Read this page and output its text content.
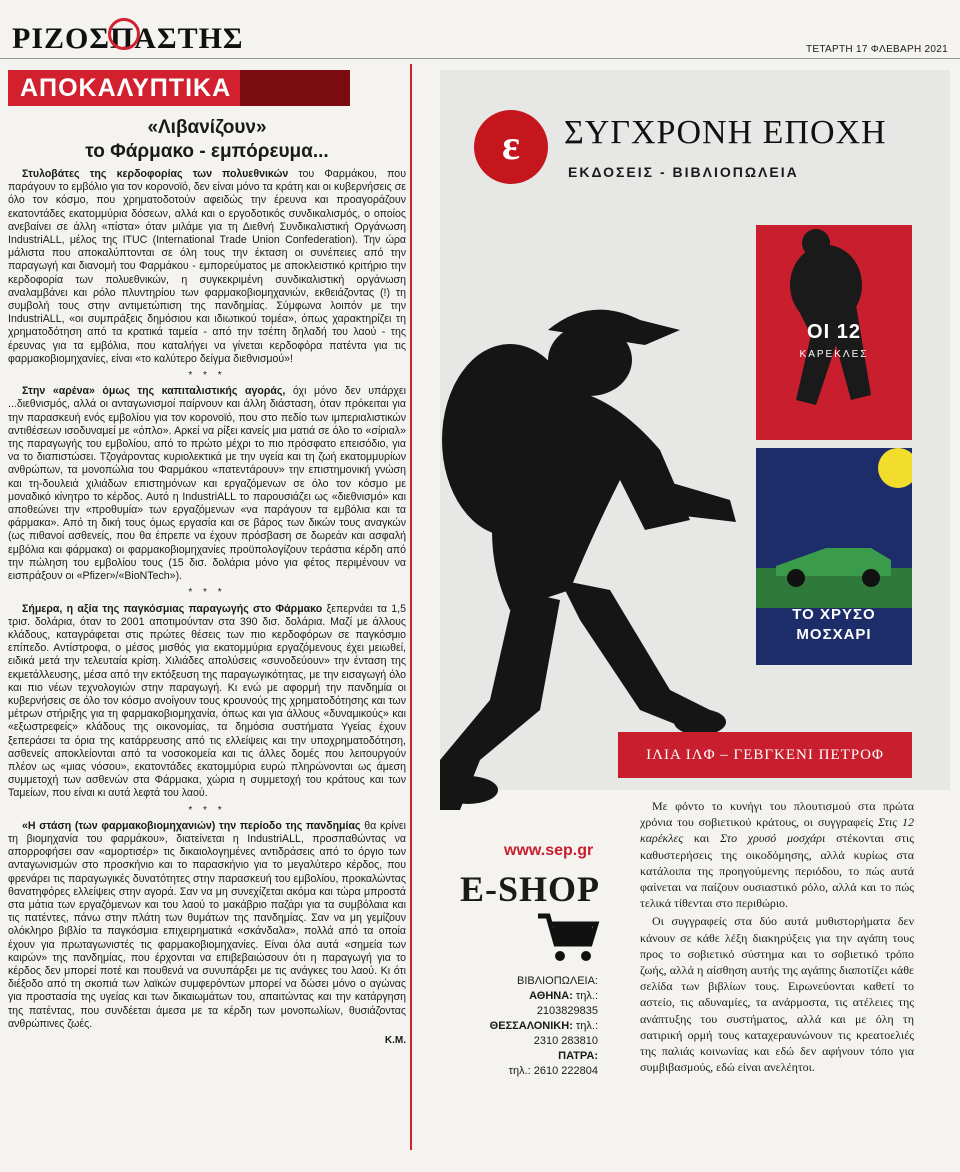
ΡΙΖΟΣΠΑΣΤΗΣ	ΤΕΤΑΡΤΗ 17 ΦΛΕΒΑΡΗ 2021
ΑΠΟΚΑΛΥΠΤΙΚΑ
«Λιβανίζουν»
το Φάρμακο - εμπόρευμα...

Στυλοβάτες της κερδοφορίας των πολυεθνικών του Φαρμάκου, που παράγουν το εμβόλιο για τον κορονοϊό, δεν είναι μόνο τα κράτη και οι κυβερνήσεις σε όλο τον κόσμο, που χρηματοδοτούν αφειδώς την έρευνα και προαγοράζουν εκατοντάδες εκατομμύρια δόσεων, αλλά και ο εργοδοτικός συνδικαλισμός, ο οποίος ανεβαίνει σε άλλη «πίστα» όταν μιλάμε για τη Διεθνή Συνδικαλιστική Οργάνωση IndustriALL, μέλος της ITUC (International Trade Union Confederation). Την ώρα μάλιστα που αποκαλύπτονται σε όλη τους την έκταση οι συνέπειες από την παραγωγή και διανομή του Φαρμάκου - εμπορεύματος με αποκλειστικό κριτήριο την κερδοφορία των πολυεθνικών, η συγκεκριμένη συνδικαλιστική οργάνωση αναλαμβάνει και ρόλο πλυντηρίου των φαρμακοβιομηχανιών, εκθειάζοντας (!) τη συμβολή τους στην αντιμετώπιση της πανδημίας. Σύμφωνα λοιπόν με την IndustriALL, «οι συμπράξεις δημόσιου και ιδιωτικού τομέα», όπως χαρακτηρίζει τη χρηματοδότηση από τα κρατικά ταμεία - από την τσέπη δηλαδή του λαού - της έρευνας για τα εμβόλια, που καταλήγει να γίνεται κερδοφόρα πατέντα για τις φαρμακοβιομηχανίες, είναι «το καλύτερο δείγμα διεθνισμού»!

* * *

Στην «αρένα» όμως της καπιταλιστικής αγοράς, όχι μόνο δεν υπάρχει ...διεθνισμός, αλλά οι ανταγωνισμοί παίρνουν και άλλη διάσταση, όταν πρόκειται για την παρασκευή ενός εμβολίου για τον κορονοϊό, που στο πεδίο των ιμπεριαλιστικών αντιθέσεων ισοδυναμεί με «όπλο». Αρκεί να ρίξει κανείς μια ματιά σε όλο το «σίριαλ» της παραγωγής του εμβολίου, από το πρώτο μέχρι το πιο πρόσφατο επεισόδιο, για να το διαπιστώσει. Τζογάροντας κυριολεκτικά με την υγεία και τη ζωή εκατομμυρίων ανθρώπων, τα μονοπώλια του Φαρμάκου «πατεντάρουν» την επιστημονική γνώση και τη-δουλειά χιλιάδων επιστημόνων και εργαζόμενων σε όλο τον κόσμο με μοναδικό κίνητρο το κέρδος. Αυτό η IndustriALL το παρουσιάζει ως «διεθνισμό» και αποθεώνει την «προθυμία» των εργαζόμενων «να παράγουν τα εμβόλια και τα φάρμακα». Από τη δική τους όμως εργασία και σε βάρος των δικών τους αναγκών (ως πιθανοί ασθενείς, που θα έπρεπε να έχουν πρόσβαση σε δωρεάν και ασφαλή εμβόλια και φάρμακα) οι φαρμακοβιομηχανίες προϋπολογίζουν τεράστια κέρδη από την πώληση του εμβολίου τους (15 δισ. δολάρια μόνο για φέτος περιμένουν να εισπράξουν οι «Pfizer»/«BioNTech»).

* * *

Σήμερα, η αξία της παγκόσμιας παραγωγής στο Φάρμακο ξεπερνάει τα 1,5 τρισ. δολάρια, όταν το 2001 αποτιμούνταν στα 390 δισ. δολάρια. Μαζί με άλλους κλάδους, καταγράφεται στις πρώτες θέσεις των πιο κερδοφόρων σε παγκόσμιο επίπεδο. Αντίστροφα, ο μέσος μισθός για εκατομμύρια εργαζόμενους έχει μειωθεί, ειδικά μετά την τελευταία κρίση. Χιλιάδες απολύσεις «συνοδεύουν» την ένταση της εκμετάλλευσης, μέσα από την εκτόξευση της παραγωγικότητας, με την εισαγωγή όλο και πιο νέων τεχνολογιών στην παραγωγή. Κι ενώ με αφορμή την πανδημία οι κυβερνήσεις σε όλο τον κόσμο ανοίγουν τους κρουνούς της χρηματοδότησης και των μέτρων στήριξης για τη φαρμακοβιομηχανία, όπως και για άλλους «δυναμικούς» και «εξωστρεφείς» κλάδους της οικονομίας, τα δημόσια συστήματα Υγείας έχουν ξεπεράσει τα όρια της κατάρρευσης από τις ελλείψεις και την υποχρηματοδότηση, ασθενείς αποκλείονται από τα νοσοκομεία και τις άλλες δομές που λειτουργούν πλέον ως «μιας νόσου», εκατοντάδες εκατομμύρια ευρώ πληρώνονται ως άμεση συμμετοχή των ασθενών στα Φάρμακα, χώρια η συμμετοχή του κράτους και των Ταμείων, που είναι κι αυτά λεφτά του λαού.

* * *

«Η στάση (των φαρμακοβιομηχανιών) την περίοδο της πανδημίας θα κρίνει τη βιομηχανία του φαρμάκου», διατείνεται η IndustriALL, προσπαθώντας να απορροφήσει σαν «αμορτισέρ» τις δικαιολογημένες αντιδράσεις από το όργιο των ανταγωνισμών στο προσκήνιο και το παρασκήνιο για το μεγαλύτερο κέρδος, που φρενάρει τις παραγωγικές δυνατότητες στην παρασκευή του εμβολίου, προκαλώντας θανατηφόρες ελλείψεις στην αγορά. Σαν να μη συνεχίζεται ακόμα και τώρα μπροστά στα μάτια των εργαζόμενων και του λαού το μακάβριο παζάρι για τα συμβόλαια και τις πατέντες, πάνω στην πλάτη των θυμάτων της πανδημίας. Σαν να μη γεμίζουν ολόκληρο βιβλίο τα παγκόσμια επιχειρηματικά «σκάνδαλα», πολλά από τα οποία έχουν για πρωταγωνιστές τις φαρμακοβιομηχανίες. Είναι όλα αυτά «σημεία των καιρών» της πανδημίας, που έρχονται να επιβεβαιώσουν ότι η παραγωγή για το κέρδος δεν μπορεί ποτέ και πουθενά να συνυπάρξει με τις ανάγκες του λαού. Κι ότι διέξοδο από τη σκοπιά των λαϊκών συμφερόντων μπορεί να δώσει μόνο ο αγώνας για προστασία της υγείας και των δικαιωμάτων του, απαιτώντας και την κατάργηση της πατέντας, που συνδέεται άμεσα με τα κέρδη των μονοπωλίων, θυσιάζοντας ανθρώπινες ζωές.

Κ.Μ.
ε	ΣΥΓΧΡΟΝΗ ΕΠΟΧΗ
ΕΚΔΟΣΕΙΣ - ΒΙΒΛΙΟΠΩΛΕΙΑ
ΟΙ 12
ΚΑΡΕΚΛΕΣ
ΤΟ ΧΡΥΣΟ
ΜΟΣΧΑΡΙ
ΙΛΙΑ ΙΛΦ – ΓΕΒΓΚΕΝΙ ΠΕΤΡΟΦ
www.sep.gr
E-SHOP
ΒΙΒΛΙΟΠΩΛΕΙΑ:
ΑΘΗΝΑ: τηλ.:
2103829835
ΘΕΣΣΑΛΟΝΙΚΗ: τηλ.:
2310 283810
ΠΑΤΡΑ:
τηλ.: 2610 222804

Με φόντο το κυνήγι του πλουτισμού στα πρώτα χρόνια του σοβιετικού κράτους, οι συγγραφείς Στις 12 καρέκλες και Στο χρυσό μοσχάρι στέκονται στις καθυστερήσεις της οικοδόμησης, αλλά κυρίως στα κατάλοιπα της προηγούμενης περιόδου, το πώς αυτά φαίνεται να παίζουν ουσιαστικό ρόλο, αλλά και το πώς τελικά τίθενται στο περιθώριο.

Οι συγγραφείς στα δύο αυτά μυθιστορήματα δεν κάνουν σε κάθε λέξη διακηρύξεις για την αγάπη τους προς το σοβιετικό σύστημα και το σοβιετικό τρόπο ζωής, αλλά η αίσθηση αυτής της αγάπης διαποτίζει κάθε σελίδα των βιβλίων τους. Ειρωνεύονται καθετί το αστείο, τις αδυναμίες, τα ανάρμοστα, τις ατέλειες της ανάπτυξης του συστήματος, αλλά και με όλη τη σατιρική ορμή τους καταχεραυνώνουν τις κρεατοελιές της παλιάς κοινωνίας και εδώ δεν αφήνουν τόπο για συμβιβασμούς, εδώ είναι ανελέητοι.
